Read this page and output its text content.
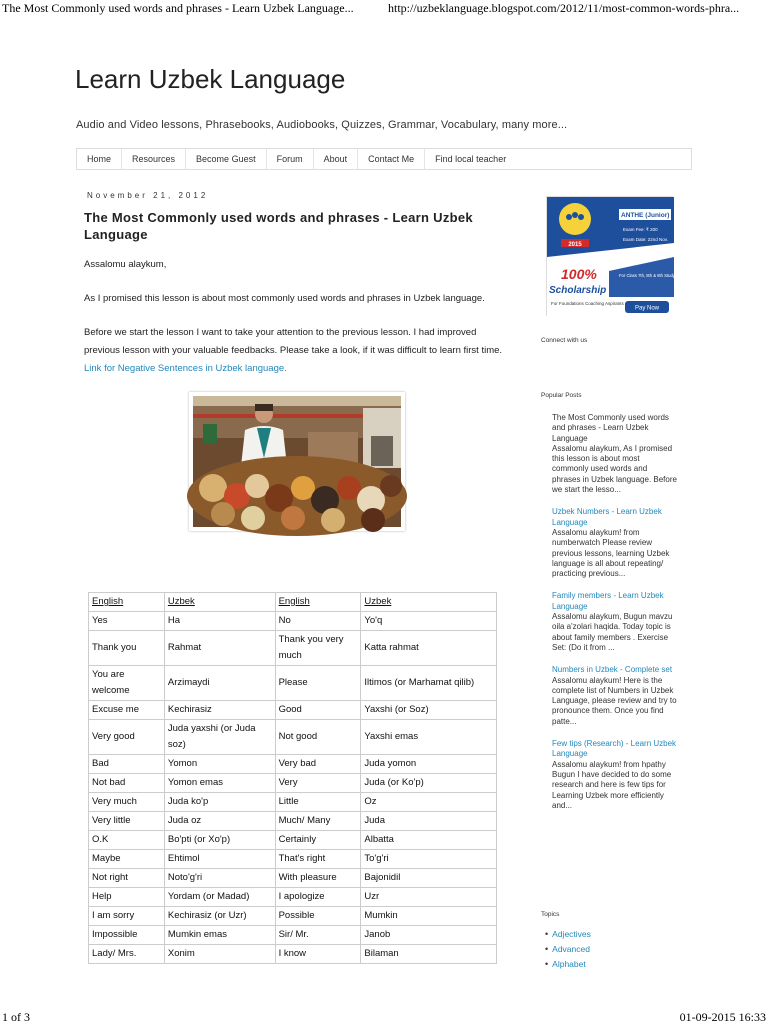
The Most Commonly used words and phrases - Learn Uzbek Language...	http://uzbeklanguage.blogspot.com/2012/11/most-common-words-phra...
Learn Uzbek Language
Audio and Video lessons, Phrasebooks, Audiobooks, Quizzes, Grammar, Vocabulary, many more...
Home	Resources	Become Guest	Forum	About	Contact Me	Find local teacher
November 21, 2012
The Most Commonly used words and phrases - Learn Uzbek Language

Assalomu alaykum,

As I promised this lesson is about most commonly used words and phrases in Uzbek language.

Before we start the lesson I want to take your attention to the previous lesson. I had improved previous lesson with your valuable feedbacks. Please take a look, if it was difficult to learn first time. Link for Negative Sentences in Uzbek language.

English	Uzbek	English	Uzbek
Yes	Ha	No	Yo'q
Thank you	Rahmat	Thank you very much	Katta rahmat
You are welcome	Arzimaydi	Please	Iltimos (or Marhamat qilib)
Excuse me	Kechirasiz	Good	Yaxshi (or Soz)
Very good	Juda yaxshi (or Juda soz)	Not good	Yaxshi emas
Bad	Yomon	Very bad	Juda yomon
Not bad	Yomon emas	Very	Juda (or Ko'p)
Very much	Juda ko'p	Little	Oz
Very little	Juda oz	Much/ Many	Juda
O.K	Bo'pti (or Xo'p)	Certainly	Albatta
Maybe	Ehtimol	That's right	To'g'ri
Not right	Noto'g'ri	With pleasure	Bajonidil
Help	Yordam (or Madad)	I apologize	Uzr
I am sorry	Kechirasiz (or Uzr)	Possible	Mumkin
Impossible	Mumkin emas	Sir/ Mr.	Janob
Lady/ Mrs.	Xonim	I know	Bilaman
2015
ANTHE (Junior)
Exam Fee: ₹ 200
Exam Date: 22nd Nov.
100%
Scholarship
For Class 7th, 8th & 9th Studying Students
For Foundations Coaching Aspirants
Pay Now
Connect with us
Popular Posts
The Most Commonly used words and phrases - Learn Uzbek Language
Assalomu alaykum, As I promised this lesson is about most commonly used words and phrases in Uzbek language. Before we start the lesso...
Uzbek Numbers - Learn Uzbek Language
Assalomu alaykum! from numberwatch Please review previous lessons, learning Uzbek language is all about repeating/ practicing previous...
Family members - Learn Uzbek Language
Assalomu alaykum, Bugun mavzu oila a'zolari haqida. Today topic is about family members . Exercise Set: (Do it from ...
Numbers in Uzbek - Complete set
Assalomu alaykum! Here is the complete list of Numbers in Uzbek Language, please review and try to pronounce them. Once you find patte...
Few tips (Research) - Learn Uzbek Language
Assalomu alaykum! from hpathy Bugun I have decided to do some research and here is few tips for Learning Uzbek more efficiently and...
Topics
• Adjectives
• Advanced
• Alphabet
1 of 3	01-09-2015 16:33
